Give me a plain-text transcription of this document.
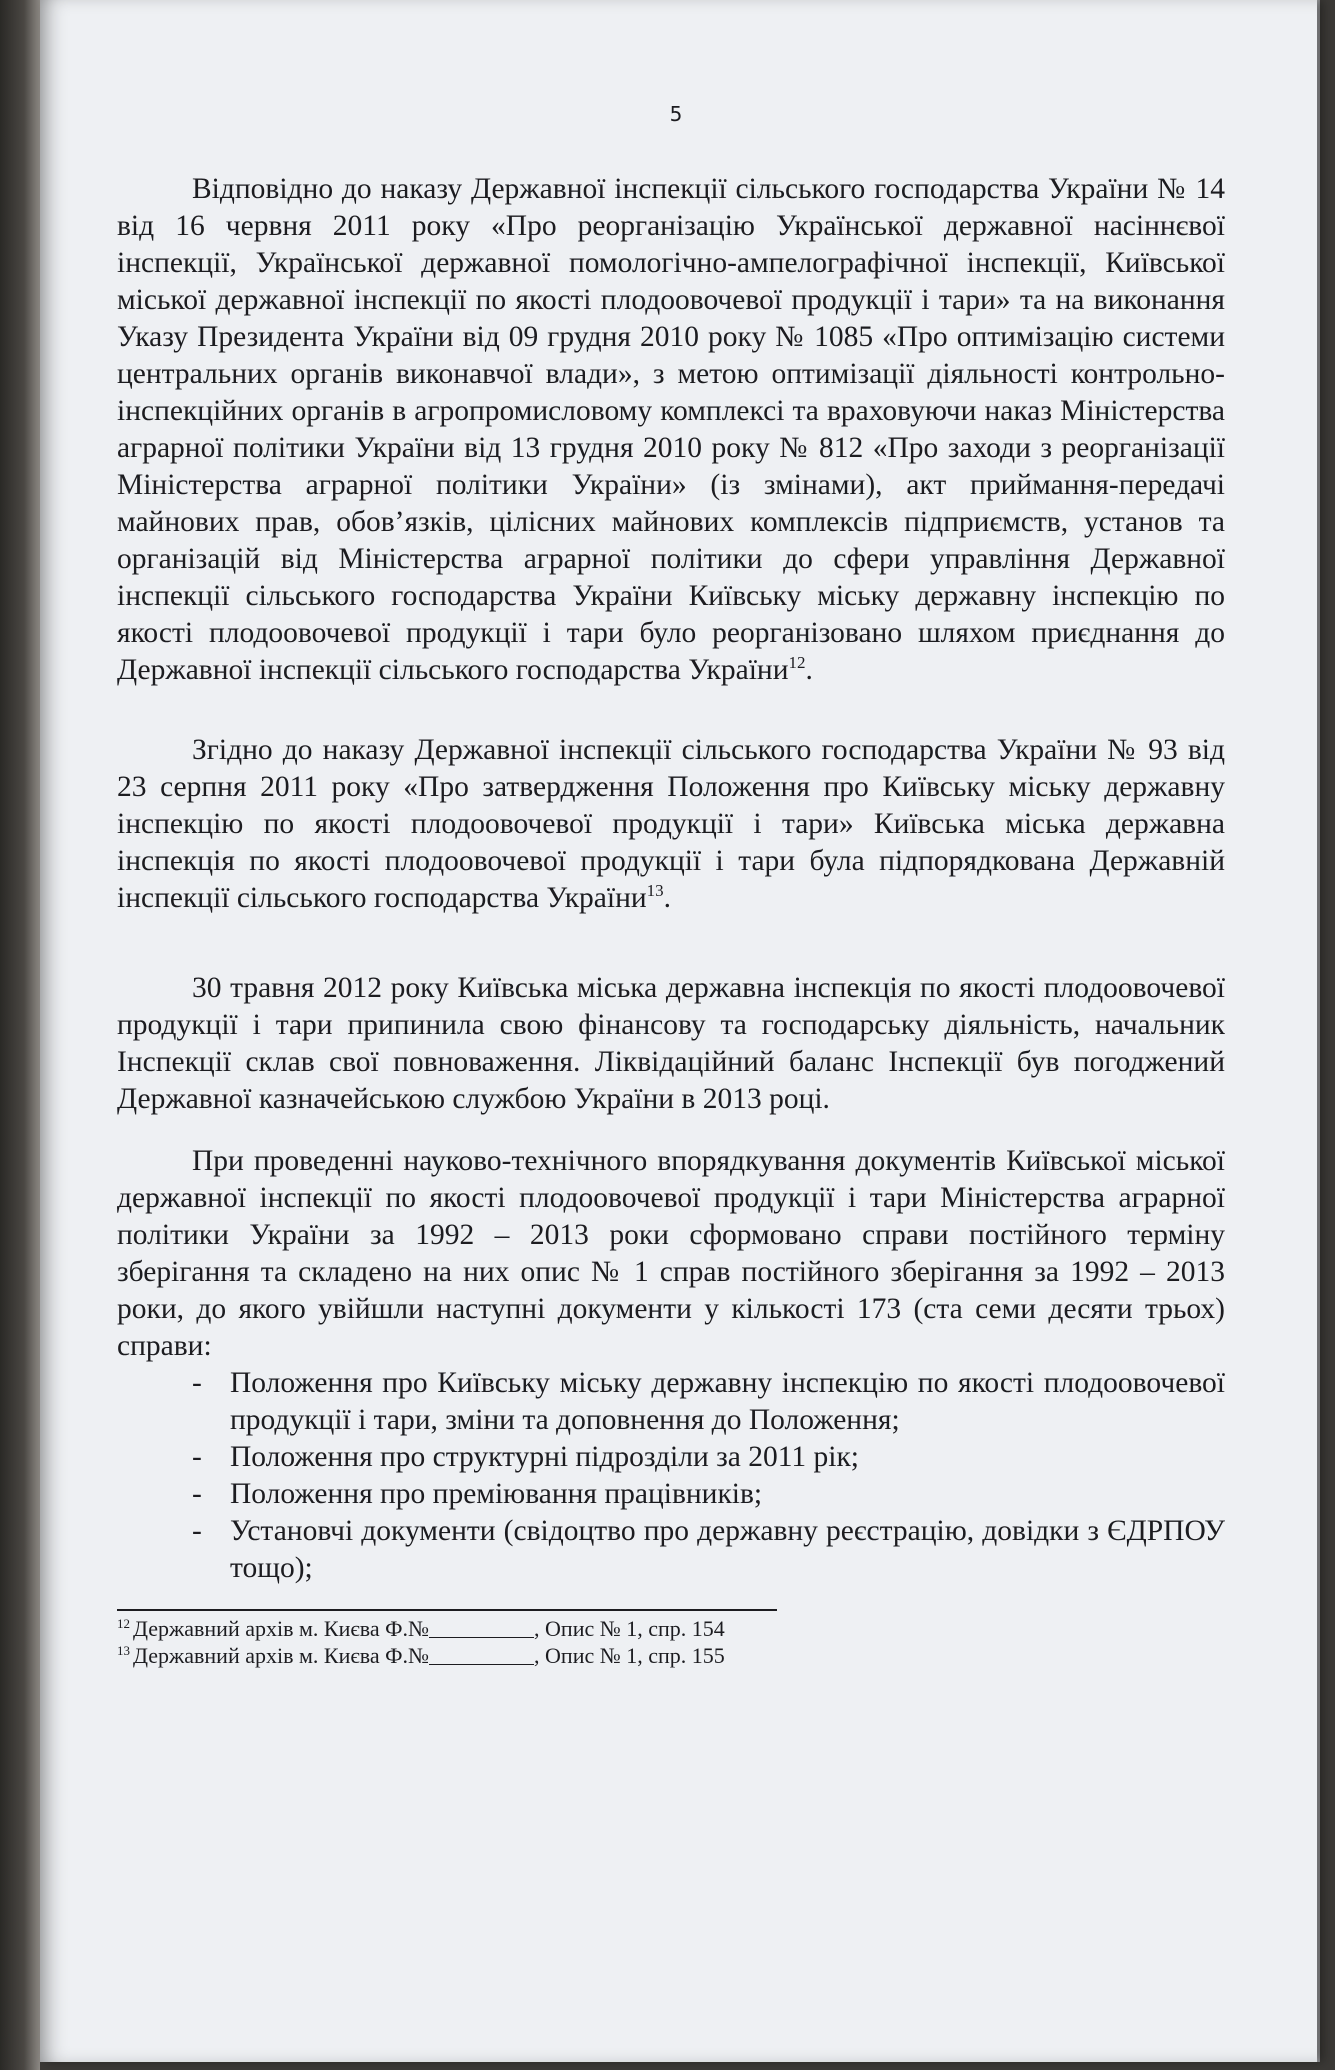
5

Відповідно до наказу Державної інспекції сільського господарства України № 14 від 16 червня 2011 року «Про реорганізацію Української державної насіннєвої інспекції, Української державної помологічно-ампелографічної інспекції, Київської міської державної інспекції по якості плодоовочевої продукції і тари» та на виконання Указу Президента України від 09 грудня 2010 року № 1085 «Про оптимізацію системи центральних органів виконавчої влади», з метою оптимізації діяльності контрольно-інспекційних органів в агропромисловому комплексі та враховуючи наказ Міністерства аграрної політики України від 13 грудня 2010 року № 812 «Про заходи з реорганізації Міністерства аграрної політики України» (із змінами), акт приймання-передачі майнових прав, обов’язків, цілісних майнових комплексів підприємств, установ та організацій від Міністерства аграрної політики до сфери управління Державної інспекції сільського господарства України Київську міську державну інспекцію по якості плодоовочевої продукції і тари було реорганізовано шляхом приєднання до Державної інспекції сільського господарства України$^{12}$.

Згідно до наказу Державної інспекції сільського господарства України № 93 від 23 серпня 2011 року «Про затвердження Положення про Київську міську державну інспекцію по якості плодоовочевої продукції і тари» Київська міська державна інспекція по якості плодоовочевої продукції і тари була підпорядкована Державній інспекції сільського господарства України$^{13}$.

30 травня 2012 року Київська міська державна інспекція по якості плодоовочевої продукції і тари припинила свою фінансову та господарську діяльність, начальник Інспекції склав свої повноваження. Ліквідаційний баланс Інспекції був погоджений Державної казначейською службою України в 2013 році.

При проведенні науково-технічного впорядкування документів Київської міської державної інспекції по якості плодоовочевої продукції і тари Міністерства аграрної політики України за 1992 – 2013 роки сформовано справи постійного терміну зберігання та складено на них опис № 1 справ постійного зберігання за 1992 – 2013 роки, до якого увійшли наступні документи у кількості 173 (ста семи десяти трьох) справи:

- Положення про Київську міську державну інспекцію по якості плодоовочевої продукції і тари, зміни та доповнення до Положення;
- Положення про структурні підрозділи за 2011 рік;
- Положення про преміювання працівників;
- Установчі документи (свідоцтво про державну реєстрацію, довідки з ЄДРПОУ тощо);
12 Державний архів м. Києва Ф.№	, Опис № 1, спр. 154
13 Державний архів м. Києва Ф.№	, Опис № 1, спр. 155
